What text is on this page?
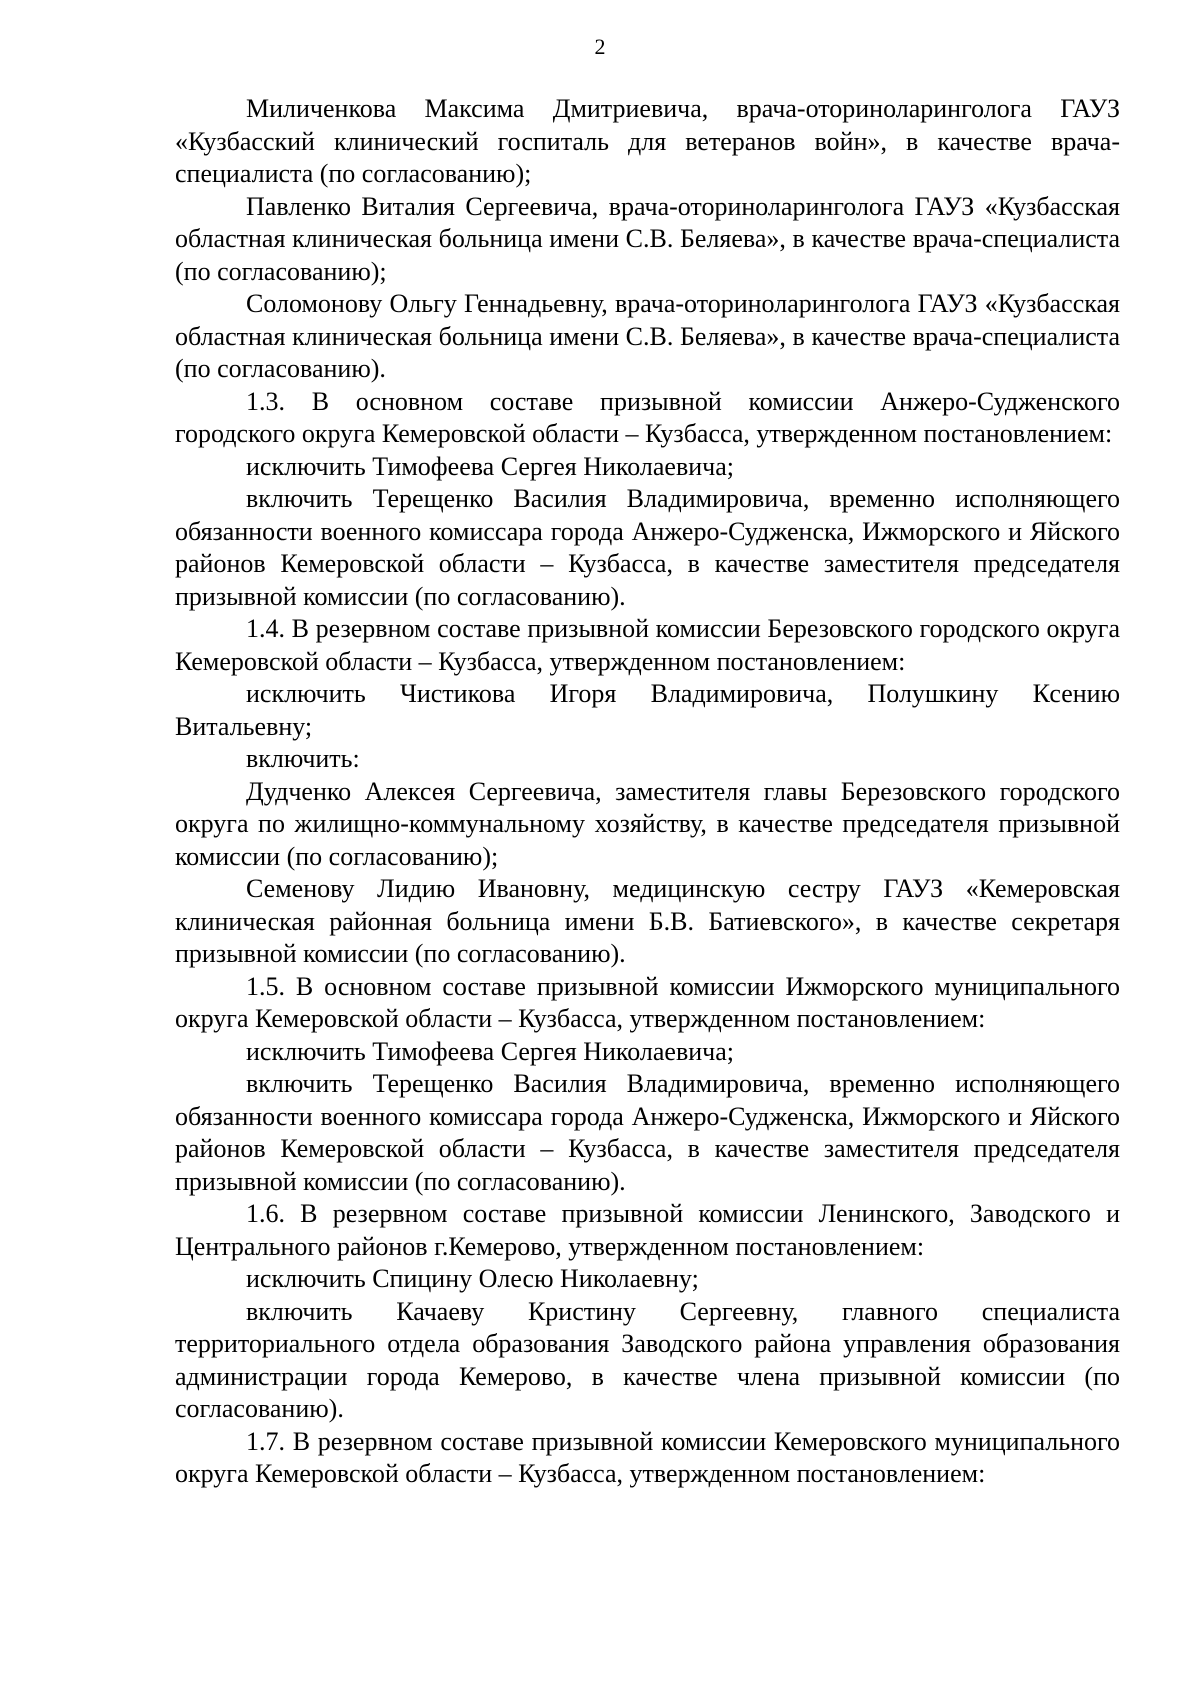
2

Миличенкова Максима Дмитриевича, врача-оториноларинголога ГАУЗ «Кузбасский клинический госпиталь для ветеранов войн», в качестве врача-специалиста (по согласованию);

Павленко Виталия Сергеевича, врача-оториноларинголога ГАУЗ «Кузбасская областная клиническая больница имени С.В. Беляева», в качестве врача-специалиста (по согласованию);

Соломонову Ольгу Геннадьевну, врача-оториноларинголога ГАУЗ «Кузбасская областная клиническая больница имени С.В. Беляева», в качестве врача-специалиста (по согласованию).

1.3. В основном составе призывной комиссии Анжеро-Судженского городского округа Кемеровской области – Кузбасса, утвержденном постановлением:

исключить Тимофеева Сергея Николаевича;

включить Терещенко Василия Владимировича, временно исполняющего обязанности военного комиссара города Анжеро-Судженска, Ижморского и Яйского районов Кемеровской области – Кузбасса, в качестве заместителя председателя призывной комиссии (по согласованию).

1.4. В резервном составе призывной комиссии Березовского городского округа Кемеровской области – Кузбасса, утвержденном постановлением:

исключить Чистикова Игоря Владимировича, Полушкину Ксению Витальевну;

включить:

Дудченко Алексея Сергеевича, заместителя главы Березовского городского округа по жилищно-коммунальному хозяйству, в качестве председателя призывной комиссии (по согласованию);

Семенову Лидию Ивановну, медицинскую сестру ГАУЗ «Кемеровская клиническая районная больница имени Б.В. Батиевского», в качестве секретаря призывной комиссии (по согласованию).

1.5. В основном составе призывной комиссии Ижморского муниципального округа Кемеровской области – Кузбасса, утвержденном постановлением:

исключить Тимофеева Сергея Николаевича;

включить Терещенко Василия Владимировича, временно исполняющего обязанности военного комиссара города Анжеро-Судженска, Ижморского и Яйского районов Кемеровской области – Кузбасса, в качестве заместителя председателя призывной комиссии (по согласованию).

1.6. В резервном составе призывной комиссии Ленинского, Заводского и Центрального районов г.Кемерово, утвержденном постановлением:

исключить Спицину Олесю Николаевну;

включить Качаеву Кристину Сергеевну, главного специалиста территориального отдела образования Заводского района управления образования администрации города Кемерово, в качестве члена призывной комиссии (по согласованию).

1.7. В резервном составе призывной комиссии Кемеровского муниципального округа Кемеровской области – Кузбасса, утвержденном постановлением:
